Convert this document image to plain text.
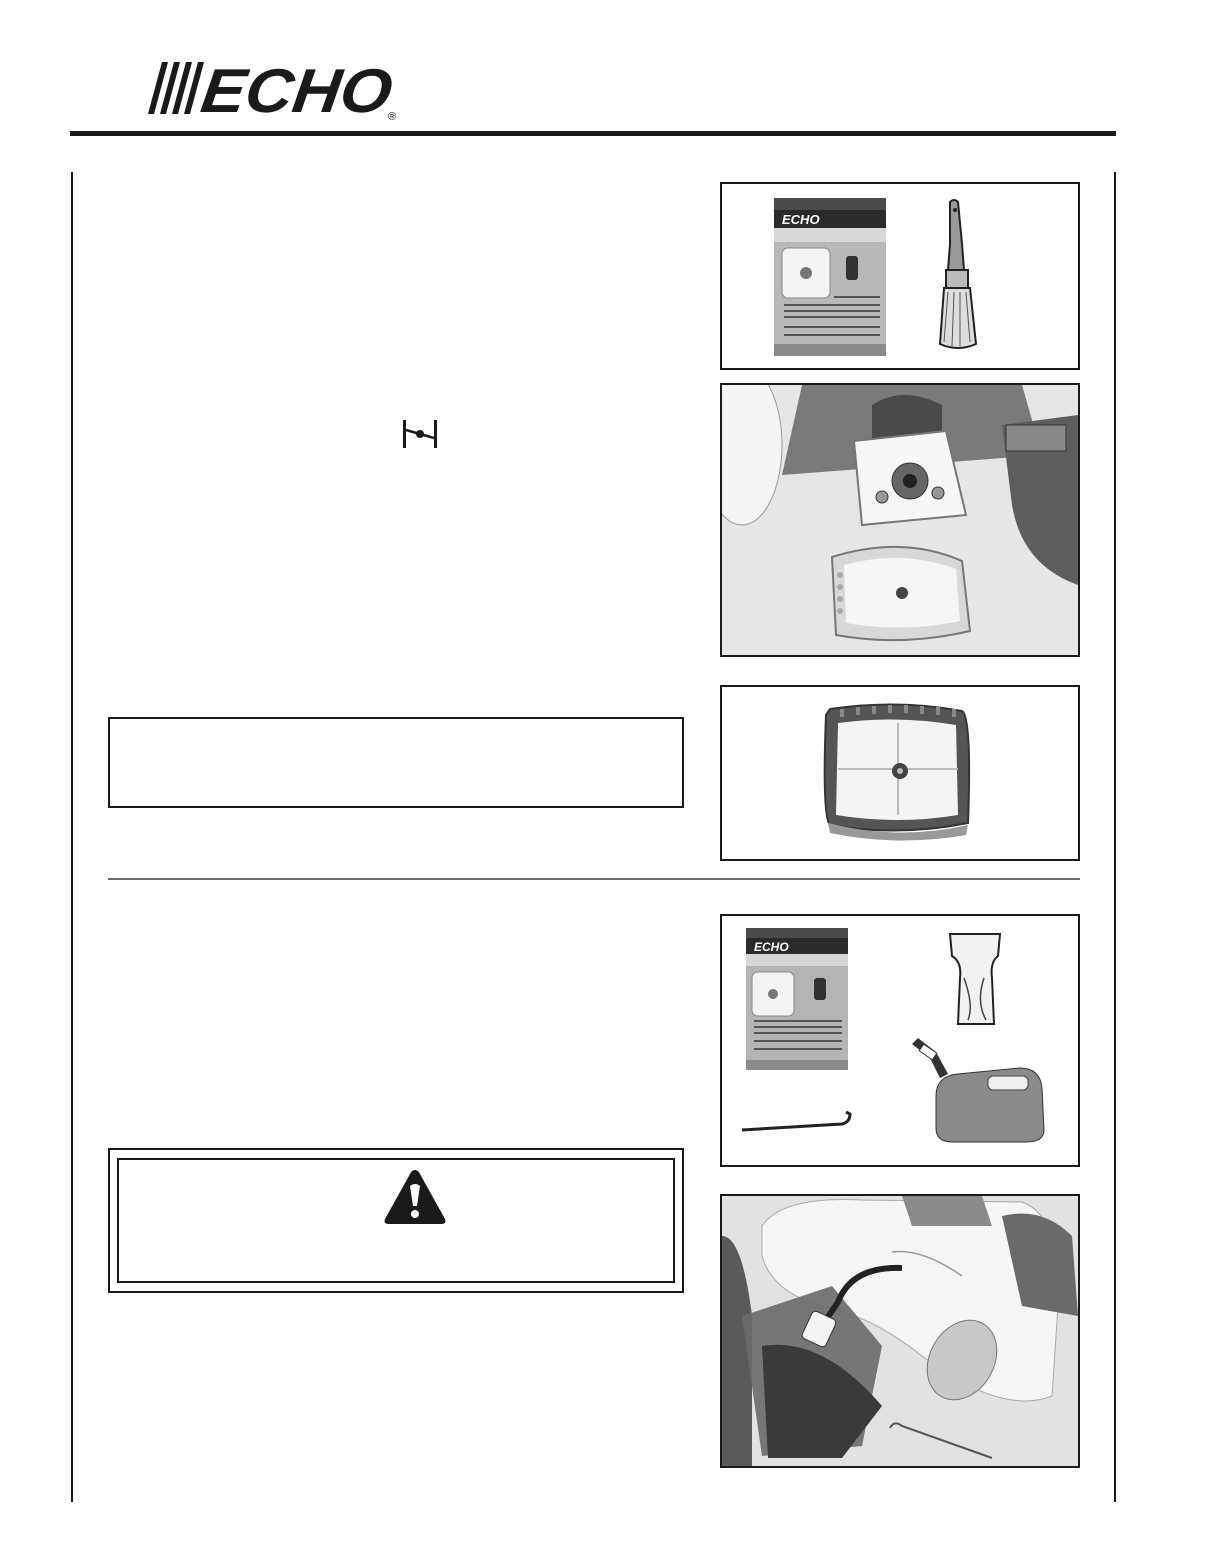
ECHO ®
ECHO
ECHO
